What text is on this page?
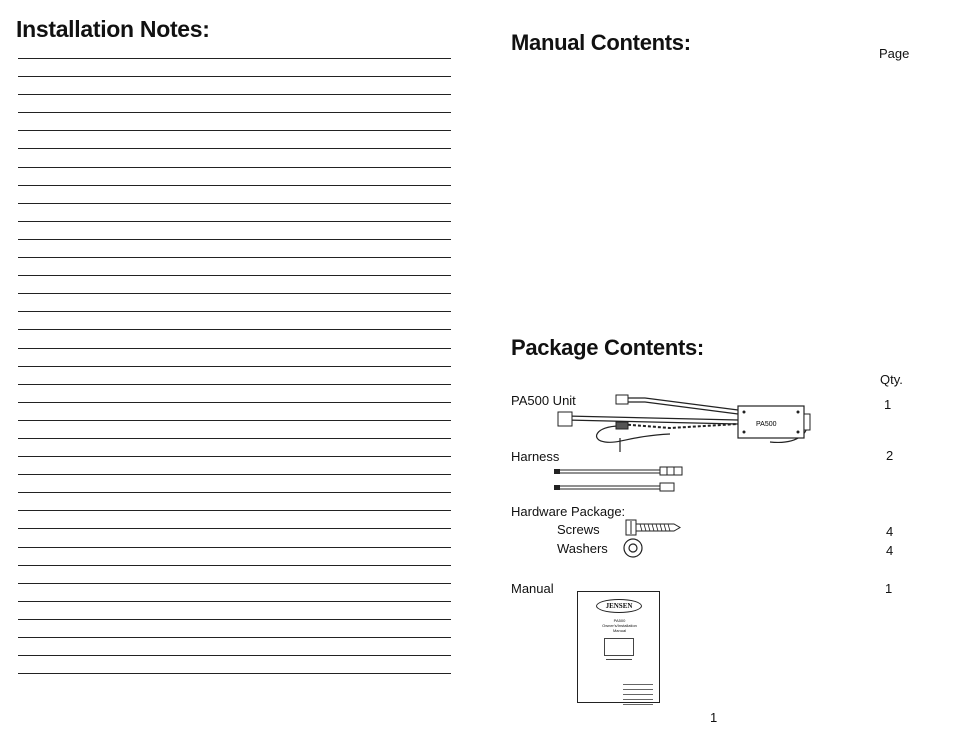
Installation Notes:
Manual Contents:	Page
Package Contents:
Qty.
PA500 Unit	1
PA500
Harness	2
Hardware Package:
Screws	4
Washers	4
Manual	1
JENSEN
PA500
Owner's/Installation
Manual
1
